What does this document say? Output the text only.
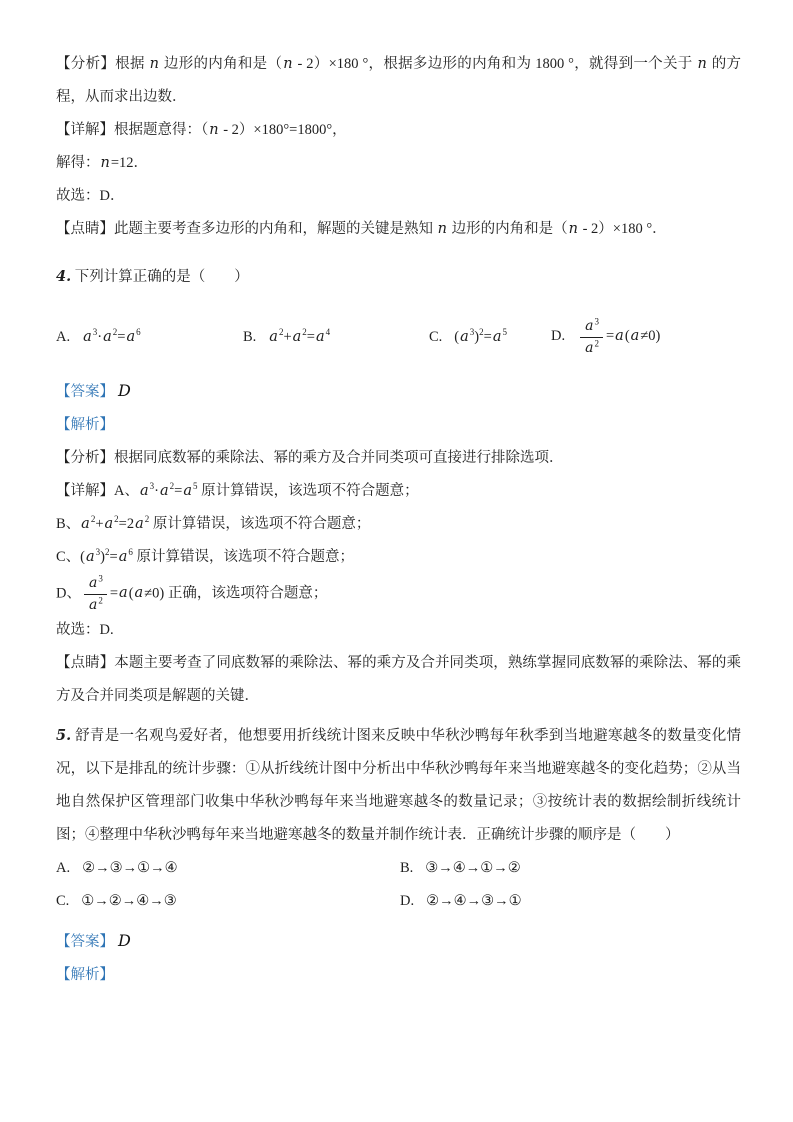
【分析】根据 n 边形的内角和是（n - 2）×180 °，根据多边形的内角和为 1800 °，就得到一个关于 n 的方程，从而求出边数．

【详解】根据题意得：（n - 2）×180°=1800°，

解得：n=12．

故选：D．

【点睛】此题主要考查多边形的内角和，解题的关键是熟知 n 边形的内角和是（n - 2）×180 °．

4. 下列计算正确的是（　　）

A. $a^3\cdot a^2=a^6$	B. $a^2+a^2=a^4$	C. $(a^3)^2=a^5$	D. $\frac{a^3}{a^2} =a(a\ne 0)$

【答案】 D

【解析】

【分析】根据同底数幂的乘除法、幂的乘方及合并同类项可直接进行排除选项．

【详解】A、$a^3\cdot a^2=a^5$ 原计算错误，该选项不符合题意；

B、$a^2+a^2=2a^2$ 原计算错误，该选项不符合题意；

C、$(a^3)^2=a^6$ 原计算错误，该选项不符合题意；

D、 $\frac{a^3}{a^2} =a(a\ne 0)$ 正确，该选项符合题意；

故选：D.

【点睛】本题主要考查了同底数幂的乘除法、幂的乘方及合并同类项，熟练掌握同底数幂的乘除法、幂的乘方及合并同类项是解题的关键．

5. 舒青是一名观鸟爱好者，他想要用折线统计图来反映中华秋沙鸭每年秋季到当地避寒越冬的数量变化情况，以下是排乱的统计步骤：①从折线统计图中分析出中华秋沙鸭每年来当地避寒越冬的变化趋势；②从当地自然保护区管理部门收集中华秋沙鸭每年来当地避寒越冬的数量记录；③按统计表的数据绘制折线统计图；④整理中华秋沙鸭每年来当地避寒越冬的数量并制作统计表．正确统计步骤的顺序是（　　）

A. ②→③→①→④	B. ③→④→①→②
C. ①→②→④→③	D. ②→④→③→①

【答案】 D

【解析】
